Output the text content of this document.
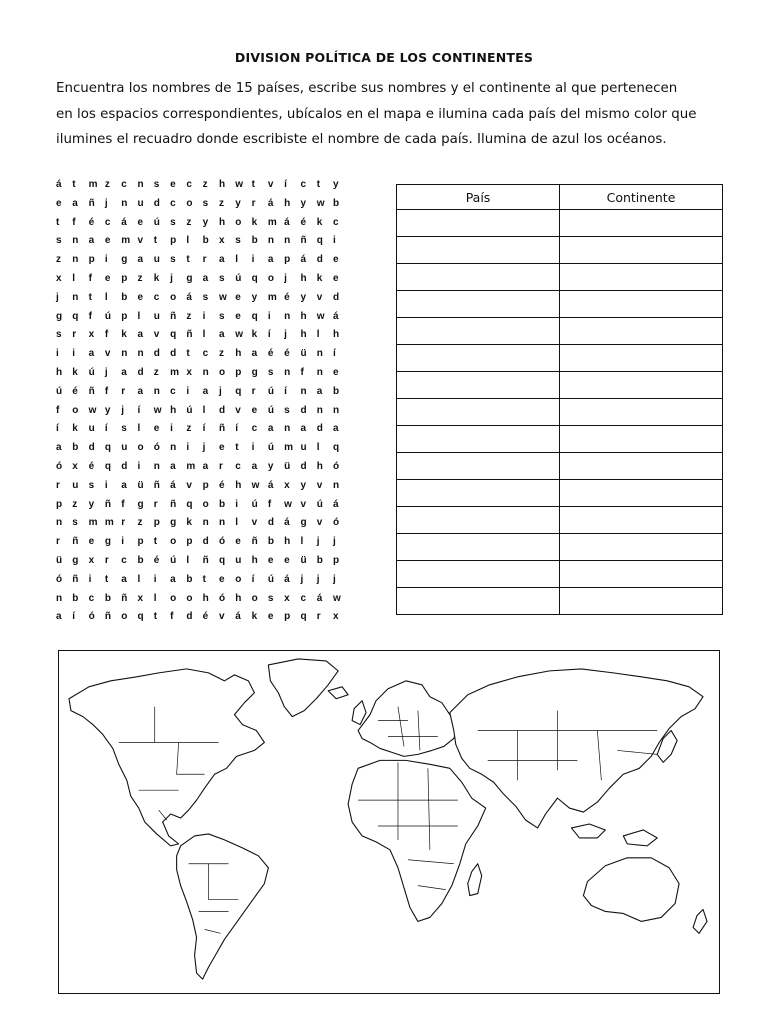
DIVISION POLÍTICA DE LOS CONTINENTES
Encuentra los nombres de 15 países, escribe sus nombres y el continente al que pertenecen
en los espacios correspondientes, ubícalos en el mapa e ilumina cada país del mismo color que
ilumines el recuadro donde escribiste el nombre de cada país. Ilumina de azul los océanos.
á	t	m z	c	n	s	e	c	z	h	w t	v	í	c	t	y
e	a	ñ	j	n	u	d	c	o	s	z	y	r	á	h	y	w b
t	f	é	c	á	e	ú	s	z	y	h	o	k	m á	é	k	c
s	n	a	e	m v	t	p	l	b	x	s	b	n	n	ñ	q	i
z	n	p	i	g	a	u	s	t	r	a	l	i	a	p	á	d	e
x	l	f	e	p	z	k	j	g	a	s	ú	q	o	j	h	k	e
j	n	t	l	b	e	c	o	á	s	w e	y	m é	y	v	d
g	q	f	ú	p	l	u	ñ	z	i	s	e	q	i	n	h	w á
s	r	x	f	k	a	v	q	ñ	l	a	w k	í	j	h	l	h
i	i	a	v	n	n	d	d	t	c	z	h	a	é	é	ü	n	í
h	k	ú	j	a	d	z	m x	n	o	p	g	s	n	f	n	e
ú	é	ñ	f	r	a	n	c	i	a	j	q	r	ú	í	n	a	b
f	o	w y	j	í	w h	ú	l	d	v	e	ú	s	d	n	n
í	k	u	í	s	l	e	i	z	í	ñ	í	c	a	n	a	d	a
a	b	d	q	u	o	ó	n	i	j	e	t	i	ú	m u	l	q
ó	x	é	q	d	i	n	a	m a	r	c	a	y	ü	d	h	ó
r	u	s	i	a	ü	ñ	á	v	p	é	h	w á	x	y	v	n
p	z	y	ñ	f	g	r	ñ	q	o	b	i	ú	f	w v	ú	á
n	s	m m r	z	p	g	k	n	n	l	v	d	á	g	v	ó
r	ñ	e	g	i	p	t	o	p	d	ó	e	ñ	b	h	l	j	j
ü	g	x	r	c	b	é	ú	l	ñ	q	u	h	e	e	ü	b	p
ó	ñ	i	t	a	l	i	a	b	t	e	o	í	ú	á	j	j	j
n	b	c	b	ñ	x	l	o	o	h	ó	h	o	s	x	c	á	w
a	í	ó	ñ	o	q	t	f	d	é	v	á	k	e	p	q	r	x
País	Continente
